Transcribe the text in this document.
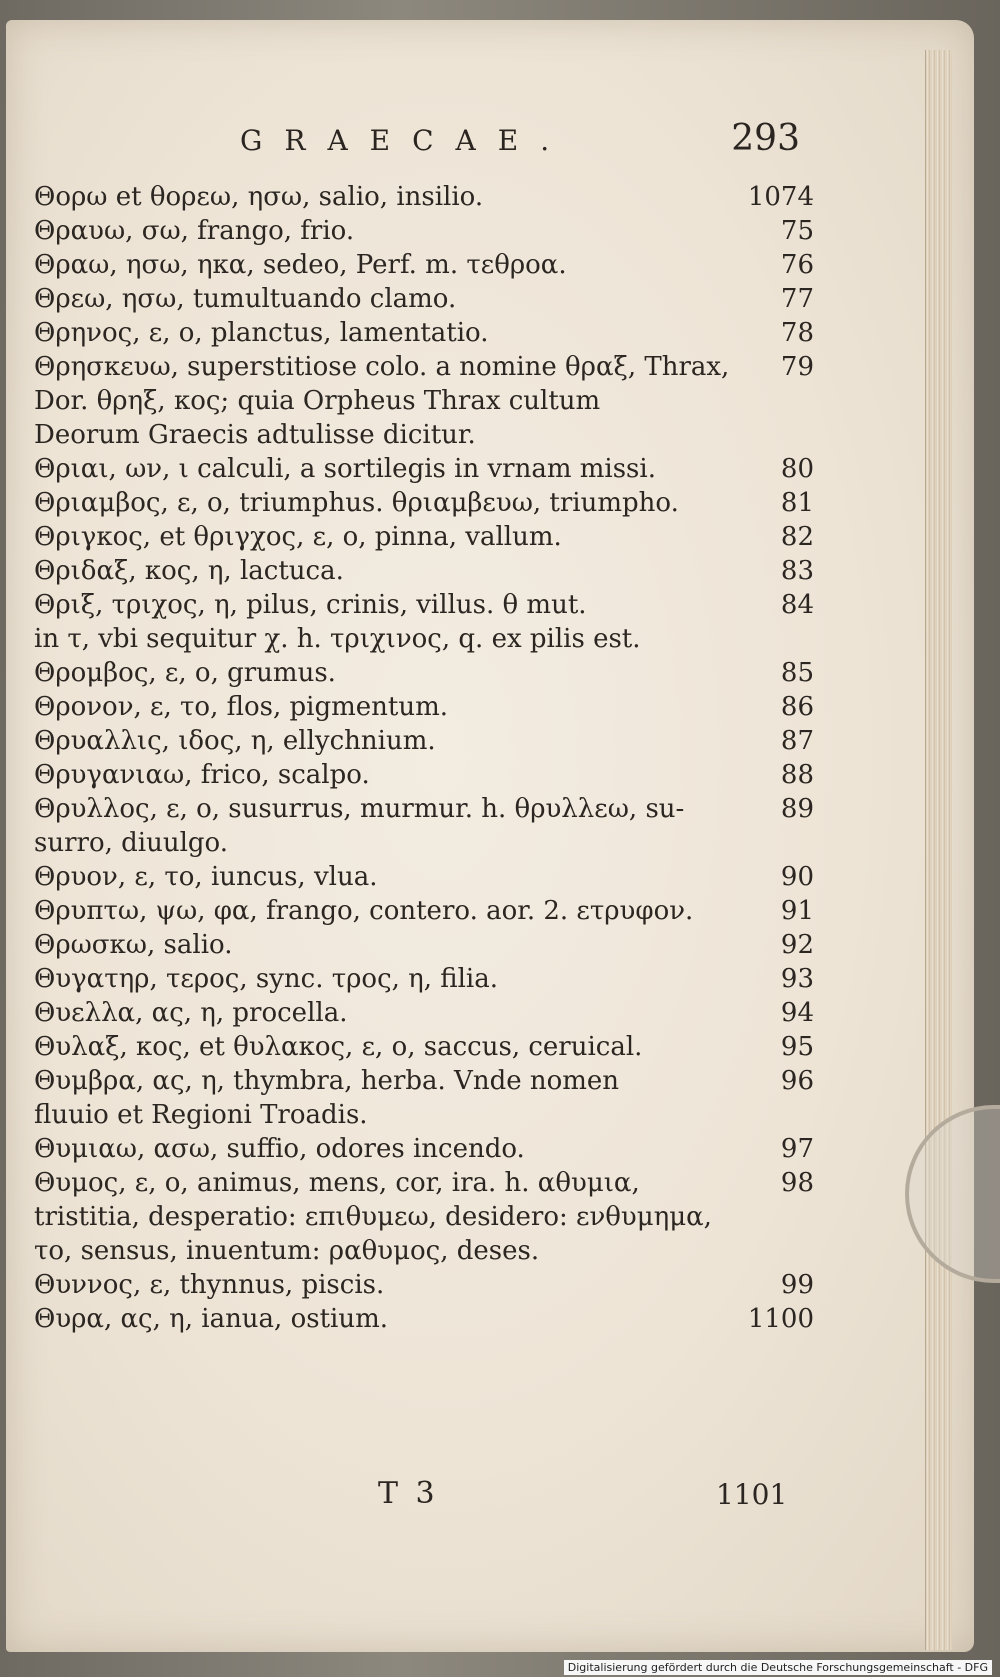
GRAECAE.	293
Θορω et θορεω, ησω, salio, insilio.	1074
Θραυω, σω, frango, frio.	75
Θραω, ησω, ηκα, sedeo, Perf. m. τεθροα.	76
Θρεω, ησω, tumultuando clamo.	77
Θρηνος, ε, ο, planctus, lamentatio.	78
Θρησκευω, superstitiose colo. a nomine θραξ, Thrax, 79
Dor. θρηξ, κος; quia Orpheus Thrax cultum
Deorum Graecis adtulisse dicitur.
Θριαι, ων, ι calculi, a sortilegis in vrnam missi.	80
Θριαμβος, ε, ο, triumphus. θριαμβευω, triumpho.	81
Θριγκος, et θριγχος, ε, ο, pinna, vallum.	82
Θριδαξ, κος, η, lactuca.	83
Θριξ, τριχος, η, pilus, crinis, villus. θ mut.	84
in τ, vbi sequitur χ. h. τριχινος, q. ex pilis est.
Θρομβος, ε, ο, grumus.	85
Θρονον, ε, το, flos, pigmentum.	86
Θρυαλλις, ιδος, η, ellychnium.	87
Θρυγανιαω, frico, scalpo.	88
Θρυλλος, ε, ο, susurrus, murmur. h. θρυλλεω, su-	89
surro, diuulgo.
Θρυον, ε, το, iuncus, vlua.	90
Θρυπτω, ψω, φα, frango, contero. aor. 2. ετρυφον.	91
Θρωσκω, salio.	92
Θυγατηρ, τερος, sync. τρος, η, filia.	93
Θυελλα, ας, η, procella.	94
Θυλαξ, κος, et θυλακος, ε, ο, saccus, ceruical.	95
Θυμβρα, ας, η, thymbra, herba. Vnde nomen	96
fluuio et Regioni Troadis.
Θυμιαω, ασω, suffio, odores incendo.	97
Θυμος, ε, ο, animus, mens, cor, ira. h. αθυμια,	98
tristitia, desperatio: επιθυμεω, desidero: ενθυμημα,
το, sensus, inuentum: ραθυμος, deses.
Θυννος, ε, thynnus, piscis.	99
Θυρα, ας, η, ianua, ostium.	1100
T 3	1101
Digitalisierung gefördert durch die Deutsche Forschungsgemeinschaft - DFG
